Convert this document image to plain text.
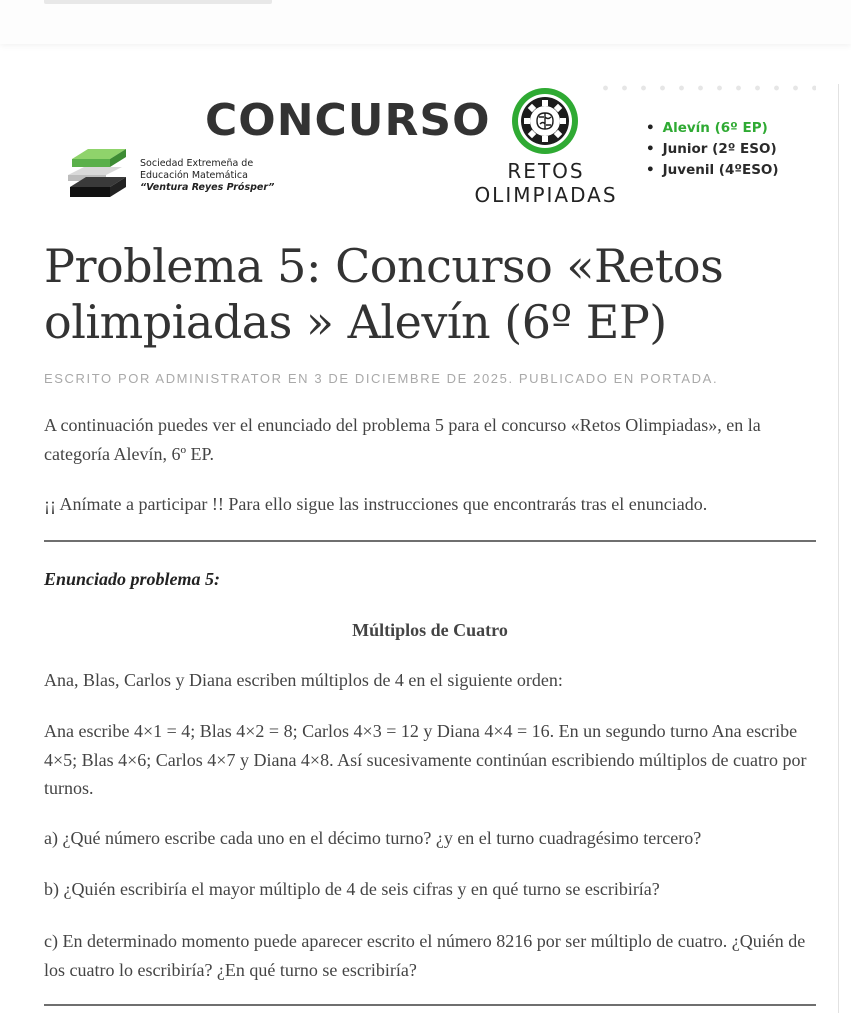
Sociedad Extremeña de
Educación Matemática
“Ventura Reyes Prósper”
CONCURSO
RETOS
OLIMPIADAS
• Alevín (6º EP)
• Junior (2º ESO)
• Juvenil (4ºESO)
Problema 5: Concurso «Retos olimpiadas » Alevín (6º EP)
ESCRITO POR ADMINISTRATOR EN 3 DE DICIEMBRE DE 2025. PUBLICADO EN PORTADA.

A continuación puedes ver el enunciado del problema 5 para el concurso «Retos Olimpiadas», en la categoría Alevín, 6º EP.

¡¡ Anímate a participar !! Para ello sigue las instrucciones que encontrarás tras el enunciado.

Enunciado problema 5:

Múltiplos de Cuatro

Ana, Blas, Carlos y Diana escriben múltiplos de 4 en el siguiente orden:

Ana escribe 4×1 = 4; Blas 4×2 = 8; Carlos 4×3 = 12 y Diana 4×4 = 16. En un segundo turno Ana escribe 4×5; Blas 4×6; Carlos 4×7 y Diana 4×8. Así sucesivamente continúan escribiendo múltiplos de cuatro por turnos.

a) ¿Qué número escribe cada uno en el décimo turno? ¿y en el turno cuadragésimo tercero?

b) ¿Quién escribiría el mayor múltiplo de 4 de seis cifras y en qué turno se escribiría?

c) En determinado momento puede aparecer escrito el número 8216 por ser múltiplo de cuatro. ¿Quién de los cuatro lo escribiría? ¿En qué turno se escribiría?
